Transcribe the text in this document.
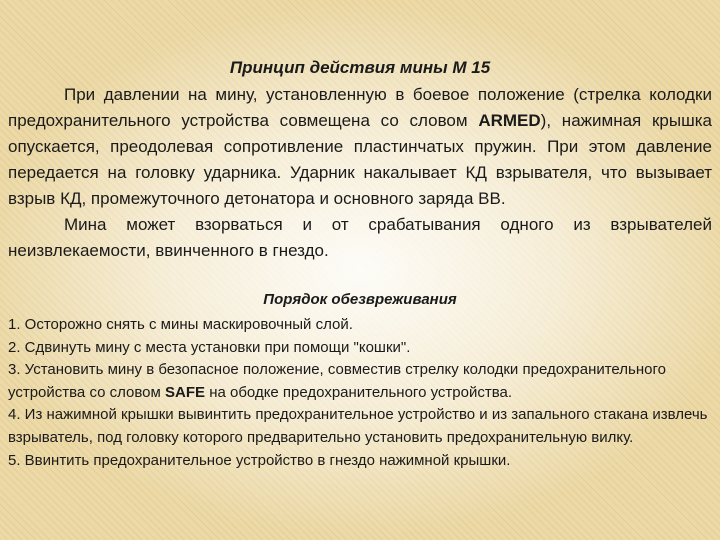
Принцип действия мины М 15

При давлении на мину, установленную в боевое положение (стрелка колодки предохранительного устройства совмещена со словом ARMED), нажимная крышка опускается, преодолевая сопротивление пластинчатых пружин. При этом давление передается на головку ударника. Ударник накалывает КД взрывателя, что вызывает взрыв КД, промежуточного детонатора и основного заряда ВВ.

Мина может взорваться и от срабатывания одного из взрывателей неизвлекаемости, ввинченного в гнездо.

Порядок обезвреживания
1. Осторожно снять с мины маскировочный слой.
2. Сдвинуть мину с места установки при помощи "кошки".
3. Установить мину в безопасное положение, совместив стрелку колодки предохранительного устройства со словом SAFE на ободке предохранительного устройства.
4. Из нажимной крышки вывинтить предохранительное устройство и из запального стакана извлечь взрыватель, под головку которого предварительно установить предохранительную вилку.
5. Ввинтить предохранительное устройство в гнездо нажимной крышки.
